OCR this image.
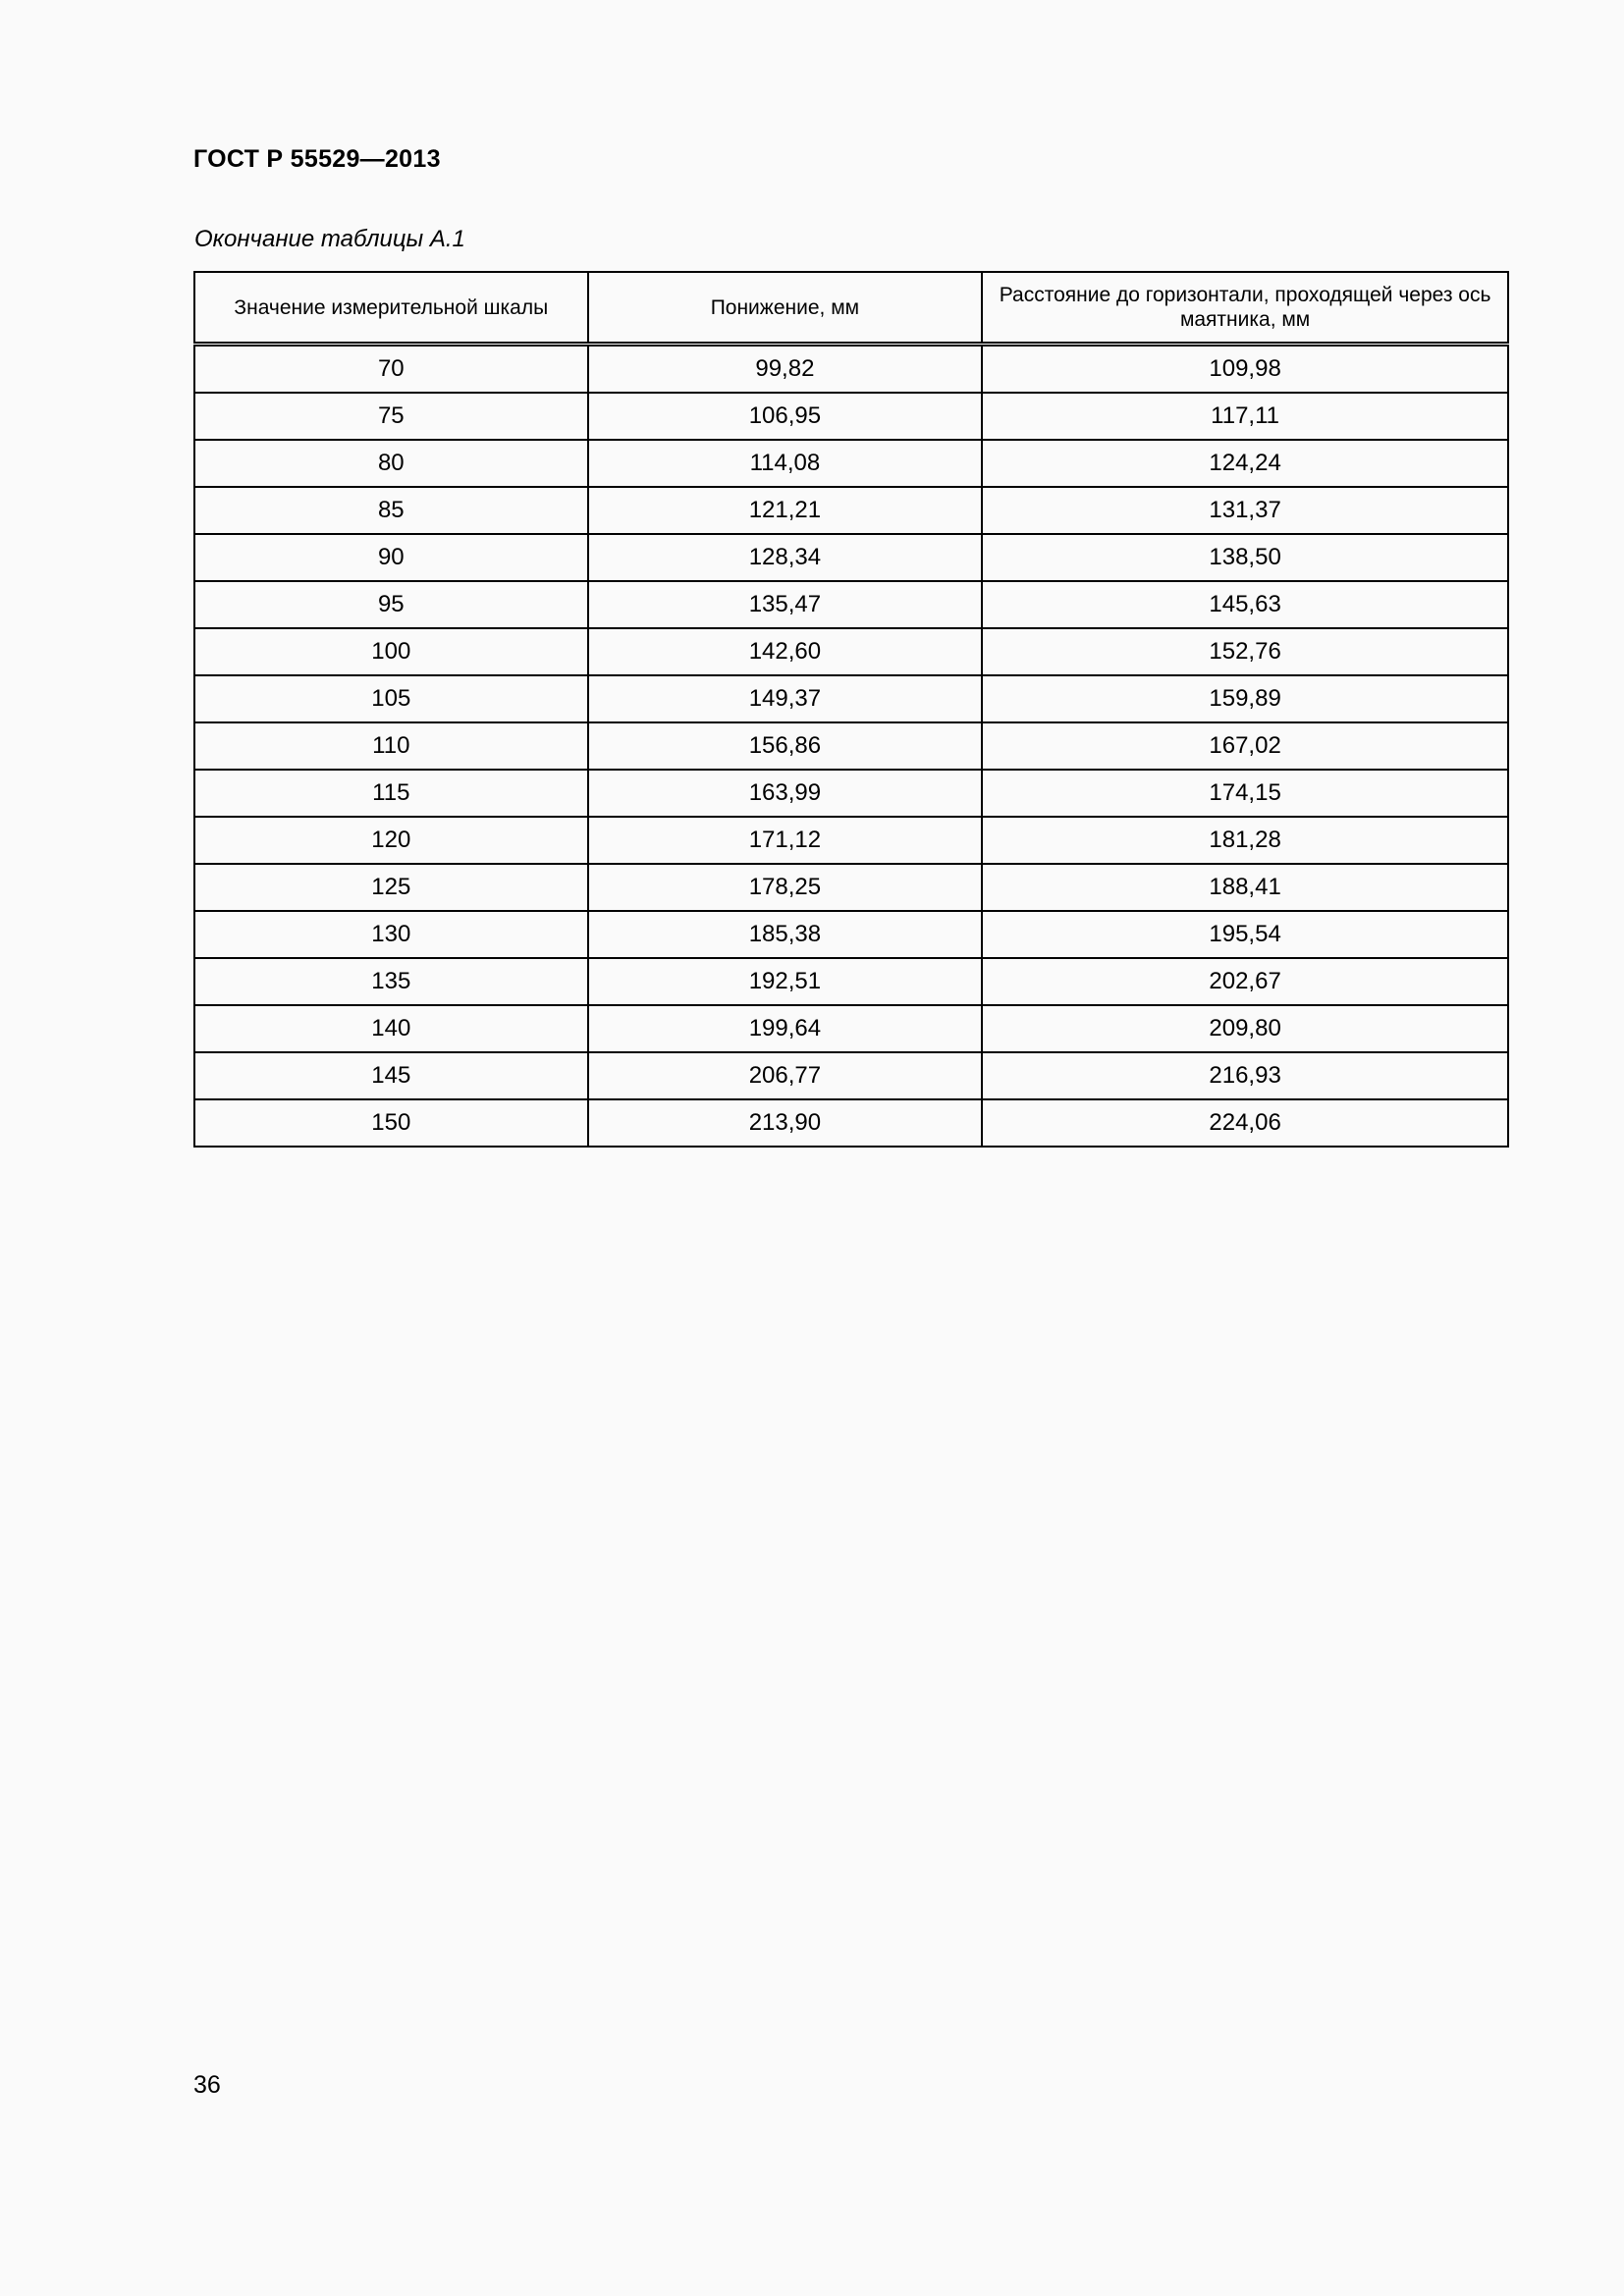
ГОСТ Р 55529—2013
Окончание таблицы А.1
Значение измерительной шкалы	Понижение, мм	Расстояние до горизонтали, проходящей через ось маятника, мм
70	99,82	109,98
75	106,95	117,11
80	114,08	124,24
85	121,21	131,37
90	128,34	138,50
95	135,47	145,63
100	142,60	152,76
105	149,37	159,89
110	156,86	167,02
115	163,99	174,15
120	171,12	181,28
125	178,25	188,41
130	185,38	195,54
135	192,51	202,67
140	199,64	209,80
145	206,77	216,93
150	213,90	224,06
36
